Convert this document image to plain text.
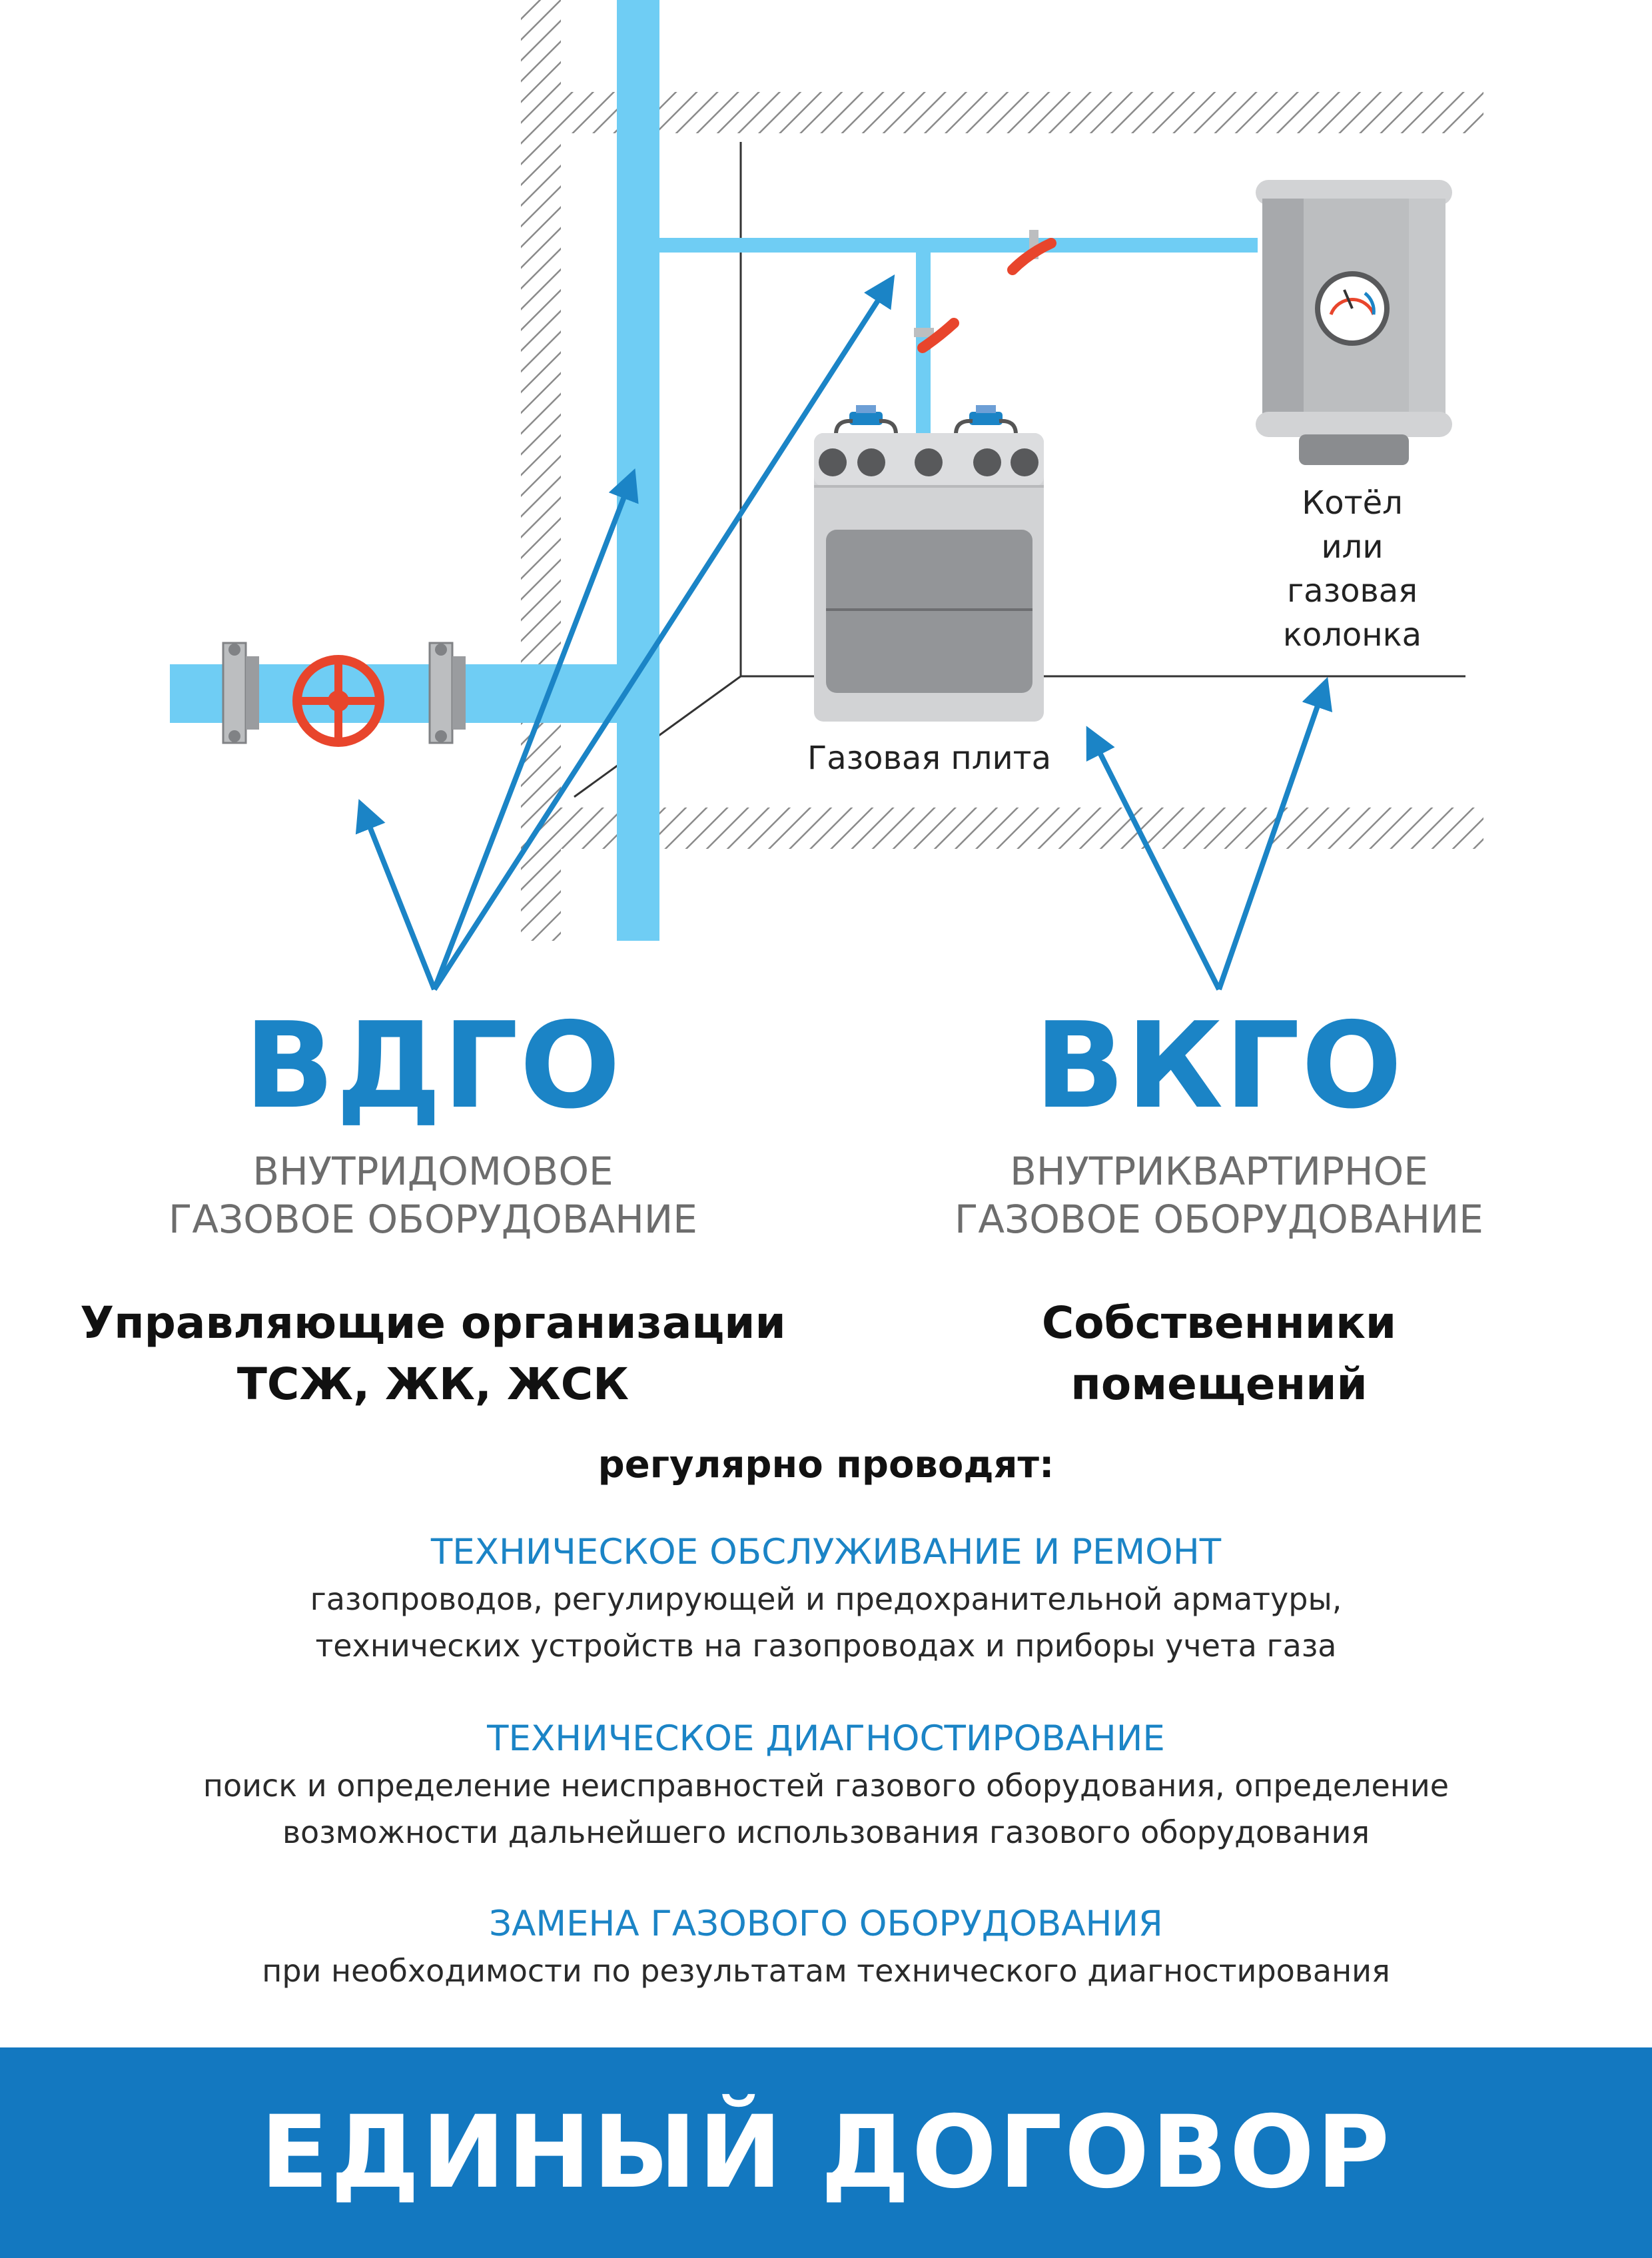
Котёл
или
газовая
колонка
Газовая плита
ВДГО	ВКГО
ВНУТРИДОМОВОЕ
ГАЗОВОЕ ОБОРУДОВАНИЕ
ВНУТРИКВАРТИРНОЕ
ГАЗОВОЕ ОБОРУДОВАНИЕ
Управляющие организации
ТСЖ, ЖК, ЖСК
Собственники
помещений
регулярно проводят:
ТЕХНИЧЕСКОЕ ОБСЛУЖИВАНИЕ И РЕМОНТ
газопроводов, регулирующей и предохранительной арматуры,
технических устройств на газопроводах и приборы учета газа
ТЕХНИЧЕСКОЕ ДИАГНОСТИРОВАНИЕ
поиск и определение неисправностей газового оборудования, определение
возможности дальнейшего использования газового оборудования
ЗАМЕНА ГАЗОВОГО ОБОРУДОВАНИЯ
при необходимости по результатам технического диагностирования
ЕДИНЫЙ ДОГОВОР
